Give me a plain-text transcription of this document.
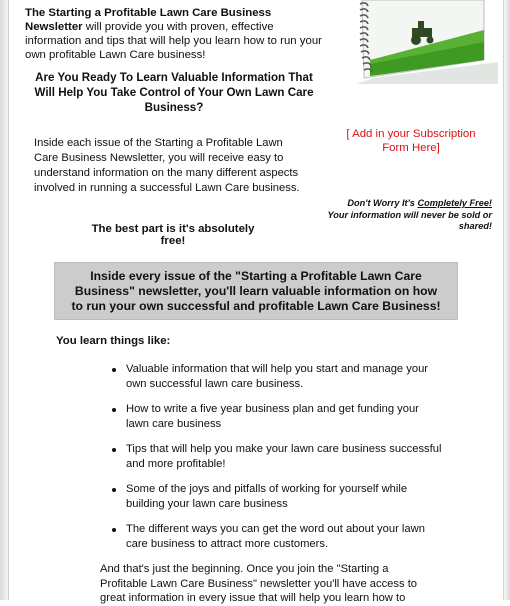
The Starting a Profitable Lawn Care Business Newsletter will provide you with proven, effective information and tips that will help you learn how to run your own profitable Lawn Care business!
Are You Ready To Learn Valuable Information That Will Help You Take Control of Your Own Lawn Care Business?
Inside each issue of the Starting a Profitable Lawn Care Business Newsletter, you will receive easy to understand information on the many different aspects involved in running a successful Lawn Care business.
[ Add in your Subscription Form Here]
Don't Worry It's Completely Free!
Your information will never be sold or shared!
The best part is it's absolutely free!

Inside every issue of the "Starting a Profitable Lawn Care Business" newsletter, you'll learn valuable information on how to run your own successful and profitable Lawn Care Business!

You learn things like:
Valuable information that will help you start and manage your own successful lawn care business.
How to write a five year business plan and get funding your lawn care business
Tips that will help you make your lawn care business successful and more profitable!
Some of the joys and pitfalls of working for yourself while building your lawn care business
The different ways you can get the word out about your lawn care business to attract more customers.
And that's just the beginning. Once you join the "Starting a Profitable Lawn Care Business" newsletter you'll have access to great information in every issue that will help you learn how to
